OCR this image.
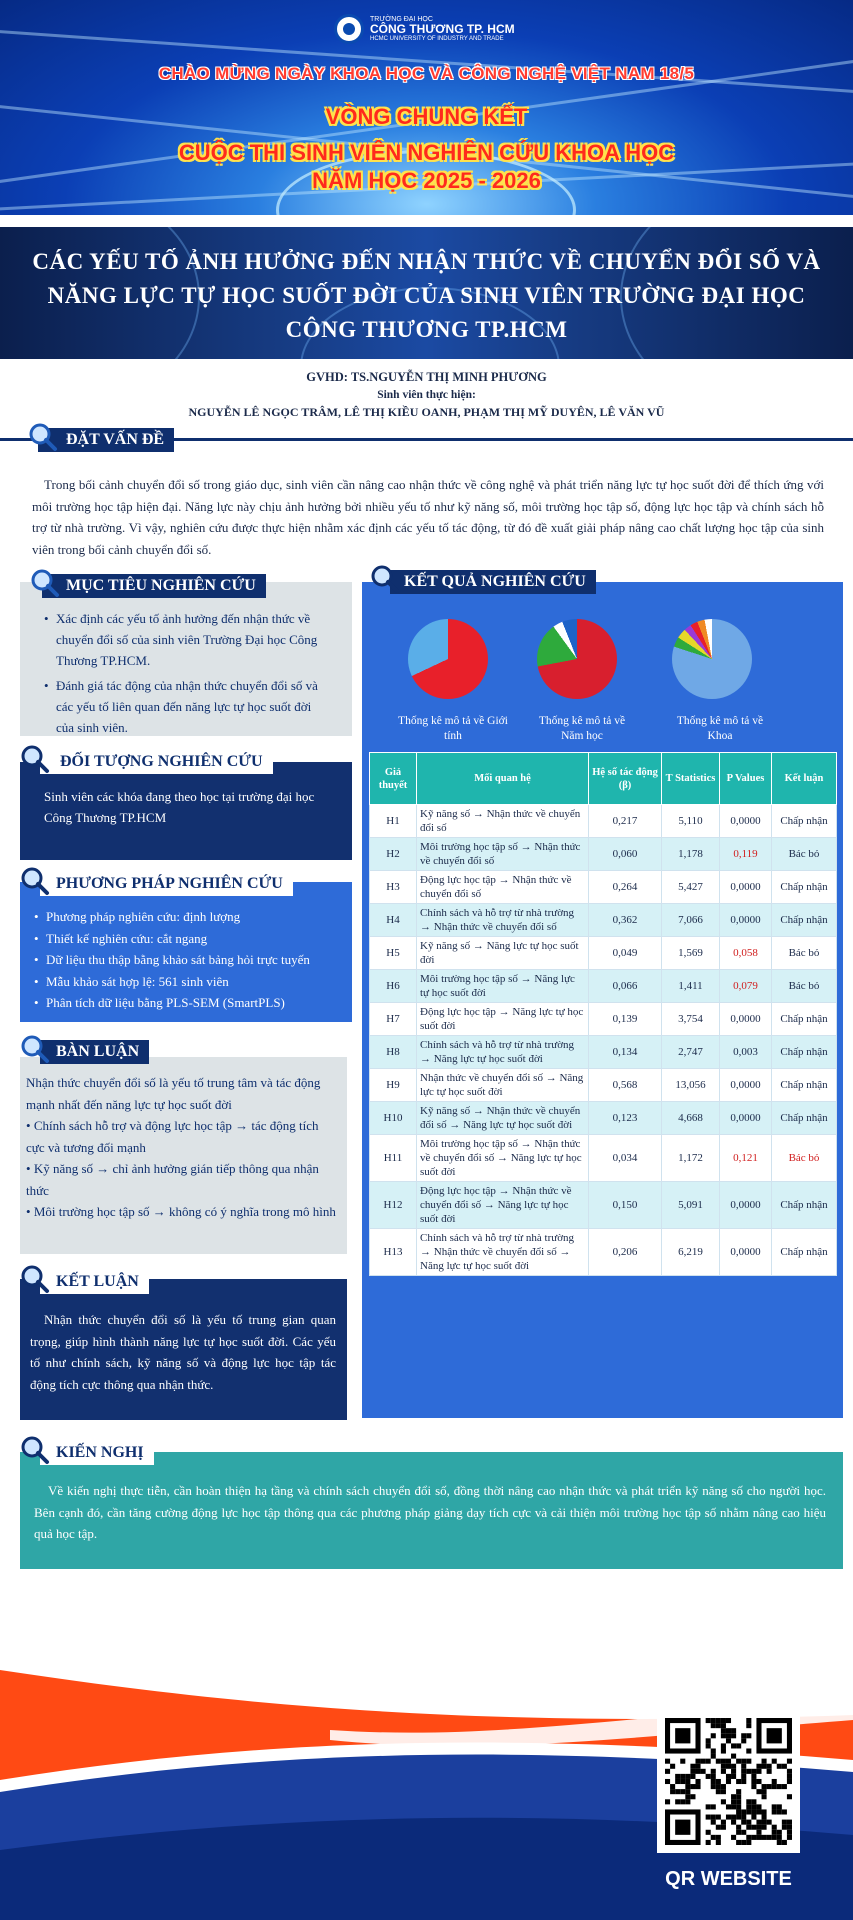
TRƯỜNG ĐẠI HỌC
CÔNG THƯƠNG TP. HCM
HCMC UNIVERSITY OF INDUSTRY AND TRADE
CHÀO MỪNG NGÀY KHOA HỌC VÀ CÔNG NGHỆ VIỆT NAM 18/5
VÒNG CHUNG KẾT
CUỘC THI SINH VIÊN NGHIÊN CỨU KHOA HỌC
NĂM HỌC 2025 - 2026
CÁC YẾU TỐ ẢNH HƯỞNG ĐẾN NHẬN THỨC VỀ CHUYỂN ĐỔI SỐ VÀ NĂNG LỰC TỰ HỌC SUỐT ĐỜI CỦA SINH VIÊN TRƯỜNG ĐẠI HỌC CÔNG THƯƠNG TP.HCM
GVHD: TS.NGUYỄN THỊ MINH PHƯƠNG
Sinh viên thực hiện:
NGUYỄN LÊ NGỌC TRÂM, LÊ THỊ KIỀU OANH, PHẠM THỊ MỸ DUYÊN, LÊ VĂN VŨ
ĐẶT VẤN ĐỀ
Trong bối cảnh chuyển đổi số trong giáo dục, sinh viên cần nâng cao nhận thức về công nghệ và phát triển năng lực tự học suốt đời để thích ứng với môi trường học tập hiện đại. Năng lực này chịu ảnh hưởng bởi nhiều yếu tố như kỹ năng số, môi trường học tập số, động lực học tập và chính sách hỗ trợ từ nhà trường. Vì vậy, nghiên cứu được thực hiện nhằm xác định các yếu tố tác động, từ đó đề xuất giải pháp nâng cao chất lượng học tập của sinh viên trong bối cảnh chuyển đổi số.
MỤC TIÊU NGHIÊN CỨU
• Xác định các yếu tố ảnh hưởng đến nhận thức về chuyển đổi số của sinh viên Trường Đại học Công Thương TP.HCM.
• Đánh giá tác động của nhận thức chuyển đổi số và các yếu tố liên quan đến năng lực tự học suốt đời của sinh viên.
ĐỐI TƯỢNG NGHIÊN CỨU
Sinh viên các khóa đang theo học tại trường đại học Công Thương TP.HCM
PHƯƠNG PHÁP NGHIÊN CỨU
• Phương pháp nghiên cứu: định lượng
• Thiết kế nghiên cứu: cắt ngang
• Dữ liệu thu thập bằng khảo sát bảng hỏi trực tuyến
• Mẫu khảo sát hợp lệ: 561 sinh viên
• Phân tích dữ liệu bằng PLS-SEM (SmartPLS)
BÀN LUẬN
Nhận thức chuyển đổi số là yếu tố trung tâm và tác động mạnh nhất đến năng lực tự học suốt đời
• Chính sách hỗ trợ và động lực học tập → tác động tích cực và tương đối mạnh
• Kỹ năng số → chỉ ảnh hưởng gián tiếp thông qua nhận thức
• Môi trường học tập số → không có ý nghĩa trong mô hình
KẾT LUẬN
Nhận thức chuyển đổi số là yếu tố trung gian quan trọng, giúp hình thành năng lực tự học suốt đời. Các yếu tố như chính sách, kỹ năng số và động lực học tập tác động tích cực thông qua nhận thức.
KẾT QUẢ NGHIÊN CỨU
Thống kê mô tả về Giới tính
Thống kê mô tả về Năm học
Thống kê mô tả về Khoa
Giả thuyết	Mối quan hệ	Hệ số tác động (β)	T Statistics	P Values	Kết luận
H1	Kỹ năng số → Nhận thức về chuyển đổi số	0,217	5,110	0,0000	Chấp nhận
H2	Môi trường học tập số → Nhận thức về chuyển đổi số	0,060	1,178	0,119	Bác bỏ
H3	Động lực học tập → Nhận thức về chuyển đổi số	0,264	5,427	0,0000	Chấp nhận
H4	Chính sách và hỗ trợ từ nhà trường → Nhận thức về chuyển đổi số	0,362	7,066	0,0000	Chấp nhận
H5	Kỹ năng số → Năng lực tự học suốt đời	0,049	1,569	0,058	Bác bỏ
H6	Môi trường học tập số → Năng lực tự học suốt đời	0,066	1,411	0,079	Bác bỏ
H7	Động lực học tập → Năng lực tự học suốt đời	0,139	3,754	0,0000	Chấp nhận
H8	Chính sách và hỗ trợ từ nhà trường → Năng lực tự học suốt đời	0,134	2,747	0,003	Chấp nhận
H9	Nhận thức về chuyển đổi số → Năng lực tự học suốt đời	0,568	13,056	0,0000	Chấp nhận
H10	Kỹ năng số → Nhận thức về chuyển đổi số → Năng lực tự học suốt đời	0,123	4,668	0,0000	Chấp nhận
H11	Môi trường học tập số → Nhận thức về chuyển đổi số → Năng lực tự học suốt đời	0,034	1,172	0,121	Bác bỏ
H12	Động lực học tập → Nhận thức về chuyển đổi số → Năng lực tự học suốt đời	0,150	5,091	0,0000	Chấp nhận
H13	Chính sách và hỗ trợ từ nhà trường → Nhận thức về chuyển đổi số → Năng lực tự học suốt đời	0,206	6,219	0,0000	Chấp nhận
KIẾN NGHỊ
Về kiến nghị thực tiễn, cần hoàn thiện hạ tầng và chính sách chuyển đổi số, đồng thời nâng cao nhận thức và phát triển kỹ năng số cho người học. Bên cạnh đó, cần tăng cường động lực học tập thông qua các phương pháp giảng dạy tích cực và cải thiện môi trường học tập số nhằm nâng cao hiệu quả học tập.
QR WEBSITE
